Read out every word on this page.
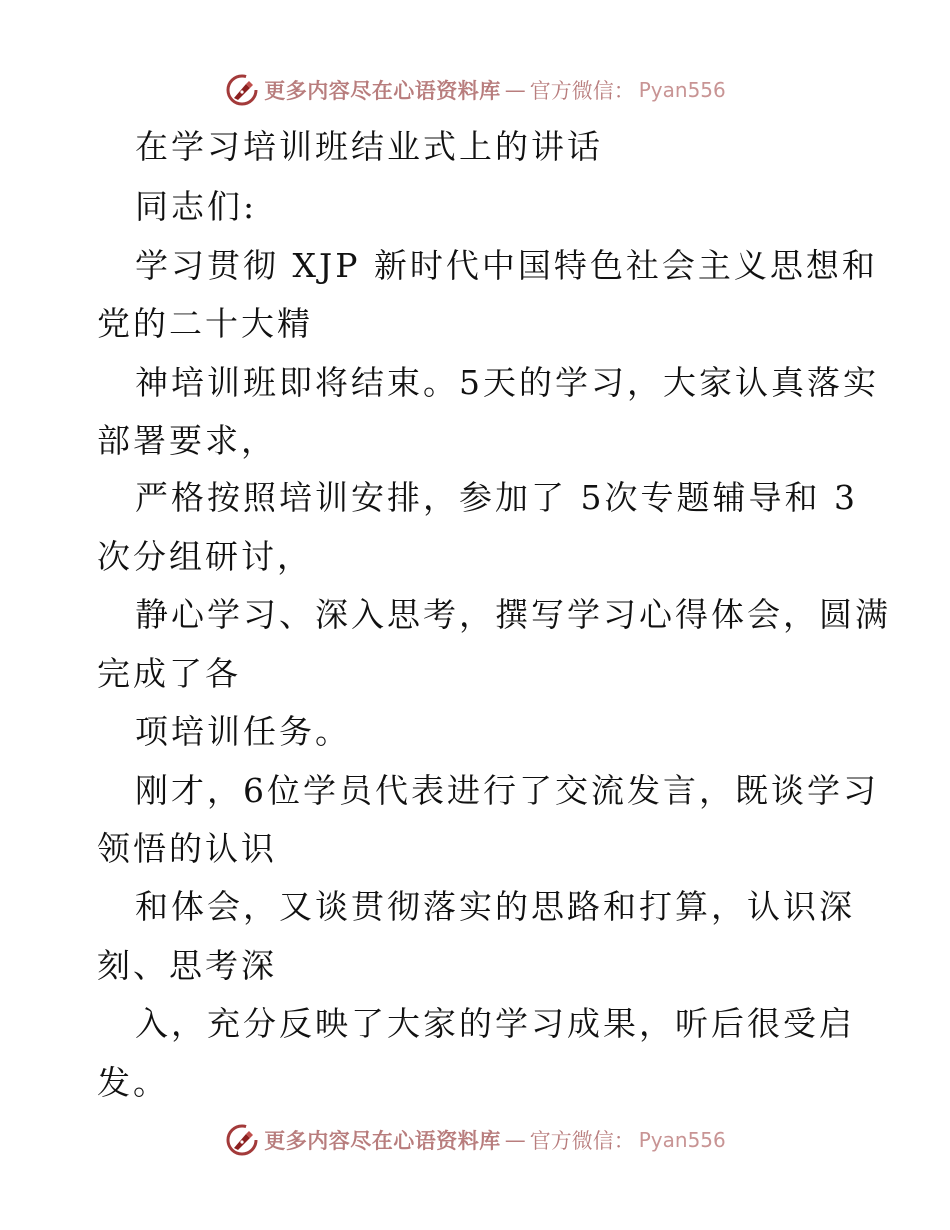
更多内容尽在心语资料库 — 官方微信： Pyan556
在学习培训班结业式上的讲话
同志们:
学习贯彻 XJP 新时代中国特色社会主义思想和
党的二十大精
神培训班即将结束。5天的学习，大家认真落实
部署要求，
严格按照培训安排，参加了 5次专题辅导和 3
次分组研讨，
静心学习、深入思考，撰写学习心得体会，圆满
完成了各
项培训任务。
刚才，6位学员代表进行了交流发言，既谈学习
领悟的认识
和体会，又谈贯彻落实的思路和打算，认识深
刻、思考深
入，充分反映了大家的学习成果，听后很受启
发。
更多内容尽在心语资料库 — 官方微信： Pyan556
